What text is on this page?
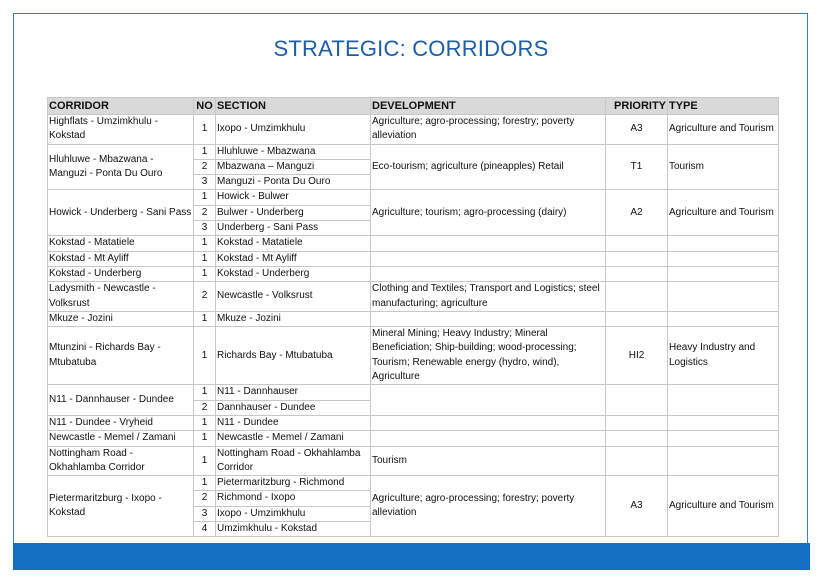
STRATEGIC: CORRIDORS
CORRIDOR	NO	SECTION	DEVELOPMENT	PRIORITY	TYPE
Highflats - Umzimkhulu - Kokstad	1	Ixopo - Umzimkhulu	Agriculture; agro-processing; forestry; poverty alleviation	A3	Agriculture and Tourism
Hluhluwe - Mbazwana - Manguzi - Ponta Du Ouro	1	Hluhluwe - Mbazwana	Eco-tourism; agriculture (pineapples) Retail	T1	Tourism
	2	Mbazwana – Manguzi			
	3	Manguzi - Ponta Du Ouro			
Howick - Underberg - Sani Pass	1	Howick - Bulwer	Agriculture; tourism; agro-processing (dairy)	A2	Agriculture and Tourism
	2	Bulwer - Underberg			
	3	Underberg - Sani Pass			
Kokstad - Matatiele	1	Kokstad - Matatiele			
Kokstad - Mt Ayliff	1	Kokstad - Mt Ayliff			
Kokstad - Underberg	1	Kokstad - Underberg			
Ladysmith - Newcastle - Volksrust	2	Newcastle - Volksrust	Clothing and Textiles; Transport and Logistics; steel manufacturing; agriculture		
Mkuze - Jozini	1	Mkuze - Jozini			
Mtunzini - Richards Bay - Mtubatuba	1	Richards Bay - Mtubatuba	Mineral Mining; Heavy Industry; Mineral Beneficiation; Ship-building; wood-processing; Tourism; Renewable energy (hydro, wind), Agriculture	HI2	Heavy Industry and Logistics
N11 - Dannhauser - Dundee	1	N11 - Dannhauser			
	2	Dannhauser - Dundee			
N11 - Dundee - Vryheid	1	N11 - Dundee			
Newcastle - Memel / Zamani	1	Newcastle - Memel / Zamani			
Nottingham Road - Okhahlamba Corridor	1	Nottingham Road - Okhahlamba Corridor	Tourism		
Pietermaritzburg - Ixopo - Kokstad	1	Pietermaritzburg - Richmond	Agriculture; agro-processing; forestry; poverty alleviation	A3	Agriculture and Tourism
	2	Richmond - Ixopo			
	3	Ixopo - Umzimkhulu			
	4	Umzimkhulu - Kokstad			
